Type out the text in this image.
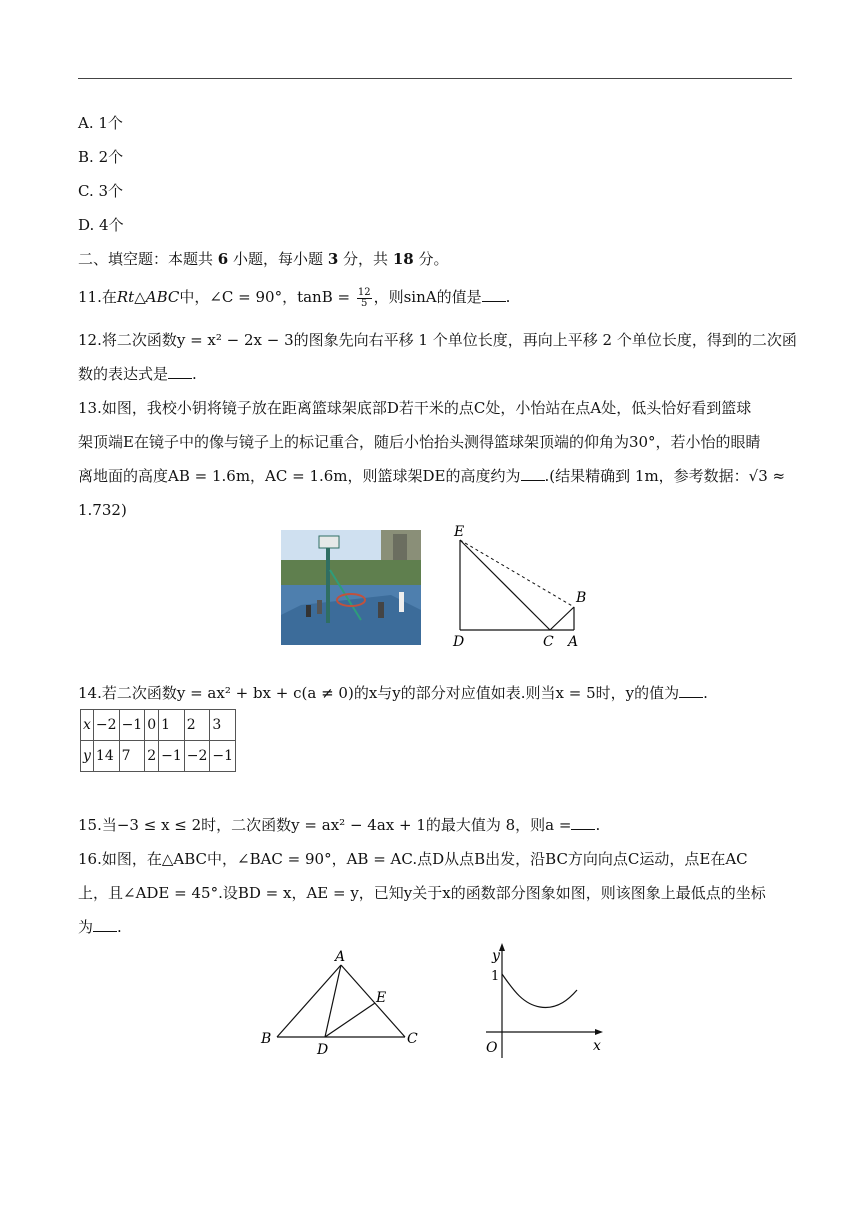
A. 1个
B. 2个
C. 3个
D. 4个
二、填空题：本题共 6 小题，每小题 3 分，共 18 分。
11.在Rt△ABC中，∠C = 90°，$\tan B = \frac{12}{5}$ ，则sinA的值是 .
12.将二次函数y = x² − 2x − 3的图象先向右平移 1 个单位长度，再向上平移 2 个单位长度，得到的二次函
数的表达式是 .
13.如图，我校小钥将镜子放在距离篮球架底部D若干米的点C处，小怡站在点A处，低头恰好看到篮球
架顶端E在镜子中的像与镜子上的标记重合，随后小怡抬头测得篮球架顶端的仰角为30°，若小怡的眼睛
离地面的高度AB = 1.6m，AC = 1.6m，则篮球架DE的高度约为 .(结果精确到 1m，参考数据：√3 ≈
1.732)
E
B
D	C A
14.若二次函数y = ax² + bx + c(a ≠ 0)的x与y的部分对应值如表.则当x = 5时，y的值为 .
x	−2	−1	0	1	2	3
y	14	7	2	−1	−2	−1
15.当−3 ≤ x ≤ 2时，二次函数y = ax² − 4ax + 1的最大值为 8，则a = .
16.如图，在△ABC中，∠BAC = 90°，AB = AC.点D从点B出发，沿BC方向向点C运动，点E在AC
上，且∠ADE = 45°.设BD = x，AE = y，已知y关于x的函数部分图象如图，则该图象上最低点的坐标
为 .
A
B	C
D
E
y
x
O
1
